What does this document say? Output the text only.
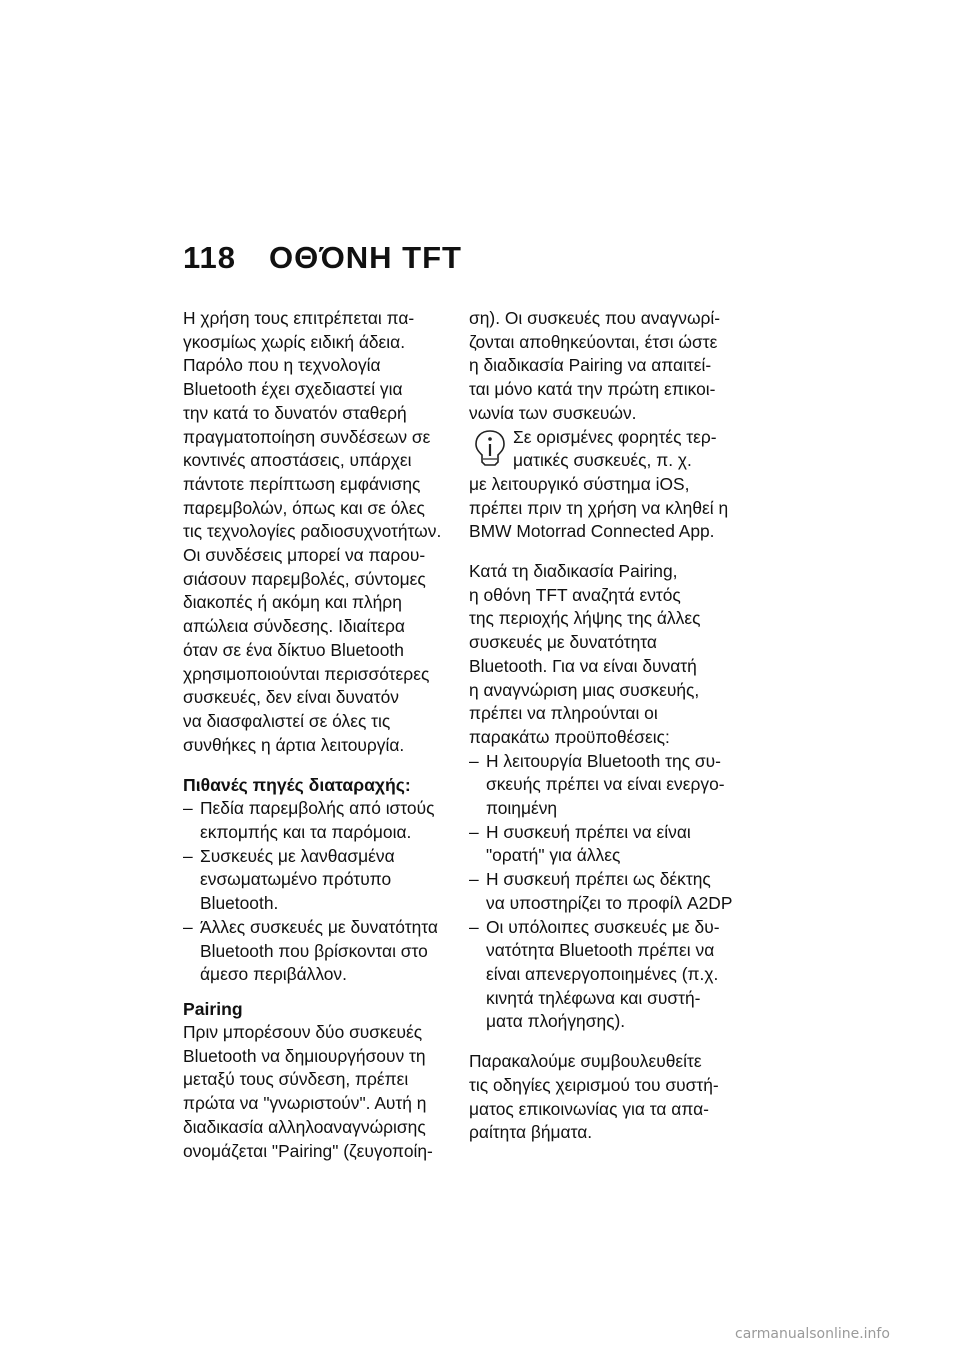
118 ΟΘΌΝΗ TFT
Η χρήση τους επιτρέπεται πα-
γκοσμίως χωρίς ειδική άδεια.
Παρόλο που η τεχνολογία
Bluetooth έχει σχεδιαστεί για
την κατά το δυνατόν σταθερή
πραγματοποίηση συνδέσεων σε
κοντινές αποστάσεις, υπάρχει
πάντοτε περίπτωση εμφάνισης
παρεμβολών, όπως και σε όλες
τις τεχνολογίες ραδιοσυχνοτήτων.
Οι συνδέσεις μπορεί να παρου-
σιάσουν παρεμβολές, σύντομες
διακοπές ή ακόμη και πλήρη
απώλεια σύνδεσης. Ιδιαίτερα
όταν σε ένα δίκτυο Bluetooth
χρησιμοποιούνται περισσότερες
συσκευές, δεν είναι δυνατόν
να διασφαλιστεί σε όλες τις
συνθήκες η άρτια λειτουργία.
Πιθανές πηγές διαταραχής:
– Πεδία παρεμβολής από ιστούς
εκπομπής και τα παρόμοια.
– Συσκευές με λανθασμένα
ενσωματωμένο πρότυπο
Bluetooth.
– Άλλες συσκευές με δυνατότητα
Bluetooth που βρίσκονται στο
άμεσο περιβάλλον.
Pairing
Πριν μπορέσουν δύο συσκευές
Bluetooth να δημιουργήσουν τη
μεταξύ τους σύνδεση, πρέπει
πρώτα να "γνωριστούν". Αυτή η
διαδικασία αλληλοαναγνώρισης
ονομάζεται "Pairing" (ζευγοποίη-
ση). Οι συσκευές που αναγνωρί-
ζονται αποθηκεύονται, έτσι ώστε
η διαδικασία Pairing να απαιτεί-
ται μόνο κατά την πρώτη επικοι-
νωνία των συσκευών.
Σε ορισμένες φορητές τερ-
ματικές συσκευές, π. χ.
με λειτουργικό σύστημα iOS,
πρέπει πριν τη χρήση να κληθεί η
BMW Motorrad Connected App.
Κατά τη διαδικασία Pairing,
η οθόνη TFT αναζητά εντός
της περιοχής λήψης της άλλες
συσκευές με δυνατότητα
Bluetooth. Για να είναι δυνατή
η αναγνώριση μιας συσκευής,
πρέπει να πληρούνται οι
παρακάτω προϋποθέσεις:
– Η λειτουργία Bluetooth της συ-
σκευής πρέπει να είναι ενεργο-
ποιημένη
– Η συσκευή πρέπει να είναι
"ορατή" για άλλες
– Η συσκευή πρέπει ως δέκτης
να υποστηρίζει το προφίλ A2DP
– Οι υπόλοιπες συσκευές με δυ-
νατότητα Bluetooth πρέπει να
είναι απενεργοποιημένες (π.χ.
κινητά τηλέφωνα και συστή-
ματα πλοήγησης).
Παρακαλούμε συμβουλευθείτε
τις οδηγίες χειρισμού του συστή-
ματος επικοινωνίας για τα απα-
ραίτητα βήματα.
carmanualsonline.info
